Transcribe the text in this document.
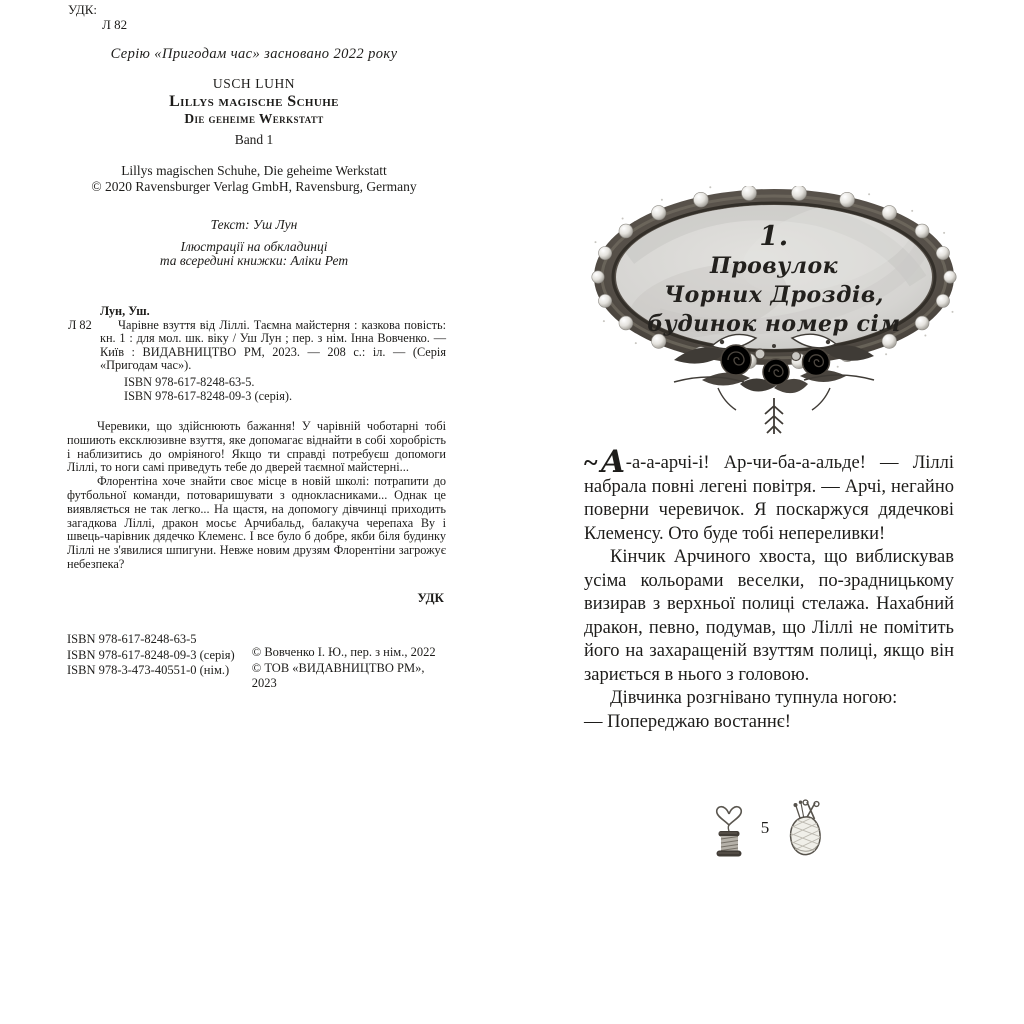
УДК:
Л 82
Серію «Пригодам час» засновано 2022 року
USCH LUHN
Lillys magische Schuhe
Die geheime Werkstatt
Band 1
Lillys magischen Schuhe, Die geheime Werkstatt
© 2020 Ravensburger Verlag GmbH, Ravensburg, Germany
Текст: Уш Лун
Ілюстрації на обкладинці
та всередині книжки: Аліки Рет
Лун, Уш.
Л 82	Чарівне взуття від Ліллі. Таємна майстерня : казкова повість: кн. 1 : для мол. шк. віку / Уш Лун ; пер. з нім. Інна Вовченко. — Київ : ВИДАВНИЦТВО РМ, 2023. — 208 с.: іл. — (Серія «Пригодам час»).

ISBN 978-617-8248-63-5.
ISBN 978-617-8248-09-3 (серія).

Черевики, що здійснюють бажання! У чарівній чоботарні тобі пошиють ексклюзивне взуття, яке допомагає віднайти в собі хоробрість і наблизитись до омріяного! Якщо ти справді потребуєш допомоги Ліллі, то ноги самі приведуть тебе до дверей таємної майстерні...

Флорентіна хоче знайти своє місце в новій школі: потрапити до футбольної команди, потоваришувати з однокласниками... Однак це виявляється не так легко... На щастя, на допомогу дівчинці приходить загадкова Ліллі, дракон мосьє Арчибальд, балакуча черепаха Ву і швець-чарівник дядечко Клеменс. І все було б добре, якби біля будинку Ліллі не з'явилися шпигуни. Невже новим друзям Флорентіни загрожує небезпека?

УДК
ISBN 978-617-8248-63-5
ISBN 978-617-8248-09-3 (серія)
ISBN 978-3-473-40551-0 (нім.)
© Вовченко І. Ю., пер. з нім., 2022
© ТОВ «ВИДАВНИЦТВО РМ», 2023
1.
Провулок
Чорних Дроздів,
будинок номер сім

~А-а-а-арчі-і! Ар-чи-ба-а-альде! — Ліллі набрала повні легені повітря. — Арчі, негайно поверни черевичок. Я поскаржуся дядечкові Клеменсу. Ото буде тобі непереливки!

Кінчик Арчиного хвоста, що виблискував усіма кольорами веселки, по-зрадницькому визирав з верхньої полиці стелажа. Нахабний дракон, певно, подумав, що Ліллі не помітить його на захаращеній взуттям полиці, якщо він зариється в нього з головою.

Дівчинка розгнівано тупнула ногою:

— Попереджаю востаннє!

5
